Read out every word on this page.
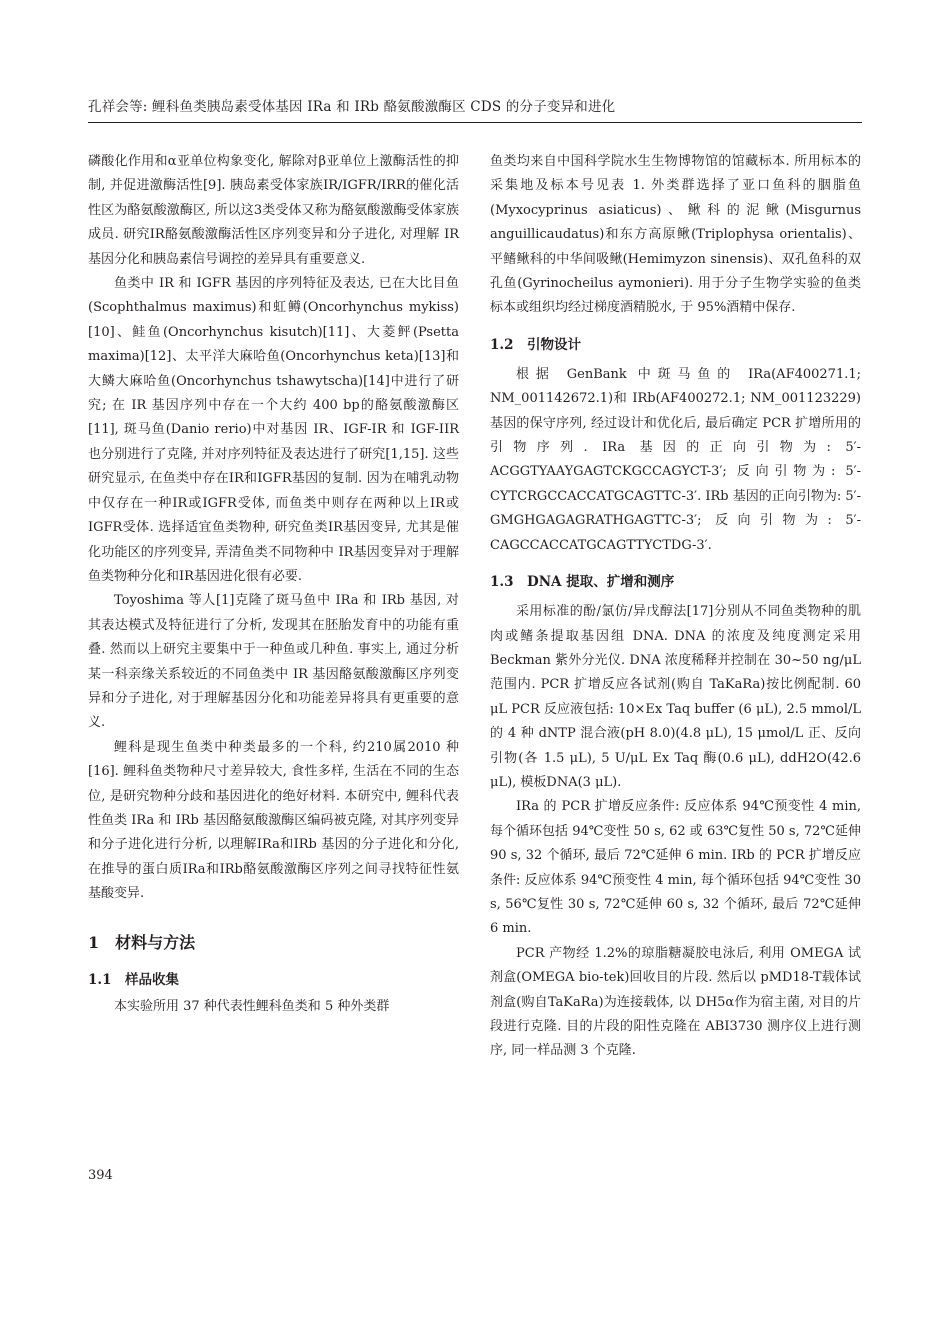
孔祥会等: 鲤科鱼类胰岛素受体基因 IRa 和 IRb 酪氨酸激酶区 CDS 的分子变异和进化

磷酸化作用和α亚单位构象变化, 解除对β亚单位上激酶活性的抑制, 并促进激酶活性[9]. 胰岛素受体家族IR/IGFR/IRR的催化活性区为酪氨酸激酶区, 所以这3类受体又称为酪氨酸激酶受体家族成员. 研究IR酪氨酸激酶活性区序列变异和分子进化, 对理解 IR 基因分化和胰岛素信号调控的差异具有重要意义.

鱼类中 IR 和 IGFR 基因的序列特征及表达, 已在大比目鱼(Scophthalmus maximus)和虹鳟(Oncorhynchus mykiss)[10]、鲑鱼(Oncorhynchus kisutch)[11]、大菱鲆(Psetta maxima)[12]、太平洋大麻哈鱼(Oncorhynchus keta)[13]和大鳞大麻哈鱼(Oncorhynchus tshawytscha)[14]中进行了研究; 在 IR 基因序列中存在一个大约 400 bp的酪氨酸激酶区[11], 斑马鱼(Danio rerio)中对基因 IR、IGF-IR 和 IGF-IIR 也分别进行了克隆, 并对序列特征及表达进行了研究[1,15]. 这些研究显示, 在鱼类中存在IR和IGFR基因的复制. 因为在哺乳动物中仅存在一种IR或IGFR受体, 而鱼类中则存在两种以上IR或IGFR受体. 选择适宜鱼类物种, 研究鱼类IR基因变异, 尤其是催化功能区的序列变异, 弄清鱼类不同物种中 IR基因变异对于理解鱼类物种分化和IR基因进化很有必要.

Toyoshima 等人[1]克隆了斑马鱼中 IRa 和 IRb 基因, 对其表达模式及特征进行了分析, 发现其在胚胎发育中的功能有重叠. 然而以上研究主要集中于一种鱼或几种鱼. 事实上, 通过分析某一科亲缘关系较近的不同鱼类中 IR 基因酪氨酸激酶区序列变异和分子进化, 对于理解基因分化和功能差异将具有更重要的意义.

鲤科是现生鱼类中种类最多的一个科, 约210属2010 种[16]. 鲤科鱼类物种尺寸差异较大, 食性多样, 生活在不同的生态位, 是研究物种分歧和基因进化的绝好材料. 本研究中, 鲤科代表性鱼类 IRa 和 IRb 基因酪氨酸激酶区编码被克隆, 对其序列变异和分子进化进行分析, 以理解IRa和IRb 基因的分子进化和分化, 在推导的蛋白质IRa和IRb酪氨酸激酶区序列之间寻找特征性氨基酸变异.

1　材料与方法
1.1　样品收集

本实验所用 37 种代表性鲤科鱼类和 5 种外类群

鱼类均来自中国科学院水生生物博物馆的馆藏标本. 所用标本的采集地及标本号见表 1. 外类群选择了亚口鱼科的胭脂鱼(Myxocyprinus asiaticus)、鳅科的泥鳅(Misgurnus anguillicaudatus)和东方高原鳅(Triplophysa orientalis)、平鳍鳅科的中华间吸鳅(Hemimyzon sinensis)、双孔鱼科的双孔鱼(Gyrinocheilus aymonieri). 用于分子生物学实验的鱼类标本或组织均经过梯度酒精脱水, 于 95%酒精中保存.

1.2　引物设计

根据 GenBank 中斑马鱼的 IRa(AF400271.1; NM_001142672.1)和 IRb(AF400272.1; NM_001123229) 基因的保守序列, 经过设计和优化后, 最后确定 PCR 扩增所用的引物序列. IRa 基因的正向引物为: 5′-ACGGTYAAYGAGTCKGCCAGYCT-3′; 反向引物为: 5′-CYTCRGCCACCATGCAGTTC-3′. IRb 基因的正向引物为: 5′-GMGHGAGAGRATHGAGTTC-3′; 反向引物为: 5′-CAGCCACCATGCAGTTYCTDG-3′.

1.3　DNA 提取、扩增和测序

采用标准的酚/氯仿/异戊醇法[17]分别从不同鱼类物种的肌肉或鳍条提取基因组 DNA. DNA 的浓度及纯度测定采用 Beckman 紫外分光仪. DNA 浓度稀释并控制在 30~50 ng/μL 范围内. PCR 扩增反应各试剂(购自 TaKaRa)按比例配制. 60 μL PCR 反应液包括: 10×Ex Taq buffer (6 μL), 2.5 mmol/L 的 4 种 dNTP 混合液(pH 8.0)(4.8 μL), 15 μmol/L 正、反向引物(各 1.5 μL), 5 U/μL Ex Taq 酶(0.6 μL), ddH2O(42.6 μL), 模板DNA(3 μL).

IRa 的 PCR 扩增反应条件: 反应体系 94℃预变性 4 min, 每个循环包括 94℃变性 50 s, 62 或 63℃复性 50 s, 72℃延伸 90 s, 32 个循环, 最后 72℃延伸 6 min. IRb 的 PCR 扩增反应条件: 反应体系 94℃预变性 4 min, 每个循环包括 94℃变性 30 s, 56℃复性 30 s, 72℃延伸 60 s, 32 个循环, 最后 72℃延伸 6 min.

PCR 产物经 1.2%的琼脂糖凝胶电泳后, 利用 OMEGA 试剂盒(OMEGA bio-tek)回收目的片段. 然后以 pMD18-T载体试剂盒(购自TaKaRa)为连接载体, 以 DH5α作为宿主菌, 对目的片段进行克隆. 目的片段的阳性克隆在 ABI3730 测序仪上进行测序, 同一样品测 3 个克隆.

394
